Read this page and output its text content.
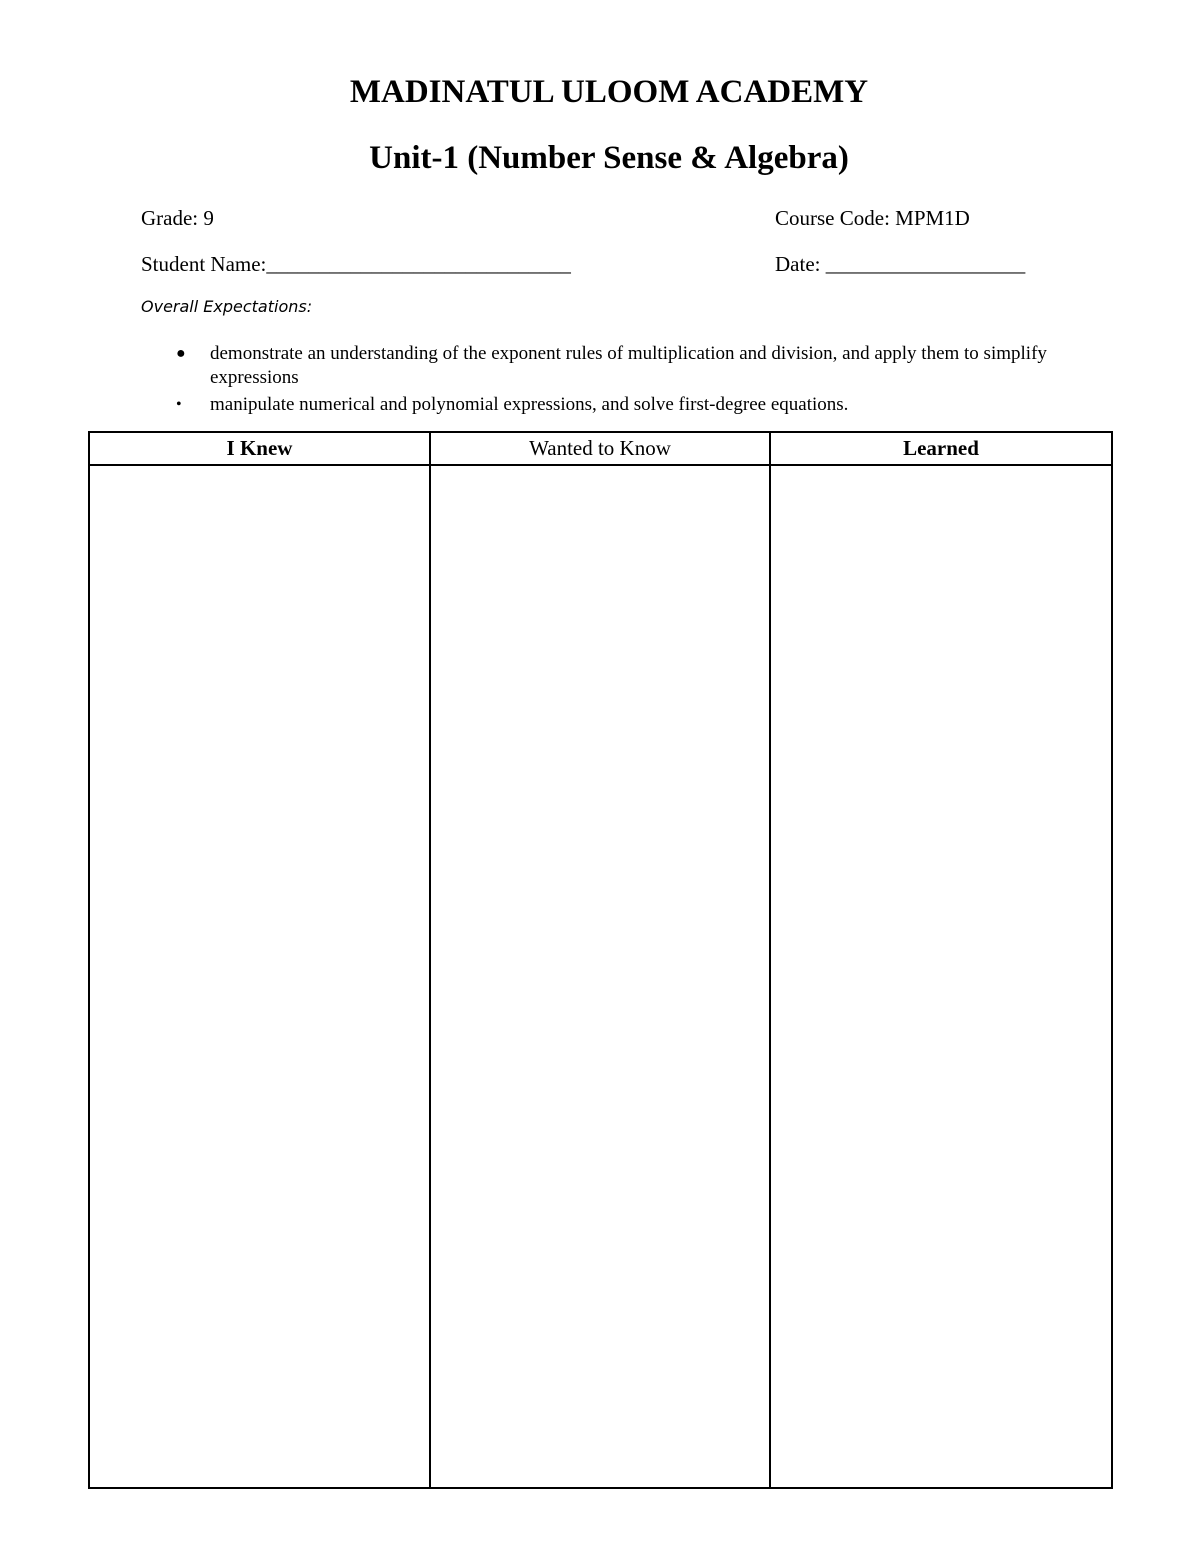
MADINATUL ULOOM ACADEMY
Unit-1 (Number Sense & Algebra)
Grade: 9	Course Code: MPM1D
Student Name:_____________________________	Date: ___________________
Overall Expectations:
● demonstrate an understanding of the exponent rules of multiplication and division, and apply them to simplify expressions
• manipulate numerical and polynomial expressions, and solve first-degree equations.
I Knew	Wanted to Know	Learned
